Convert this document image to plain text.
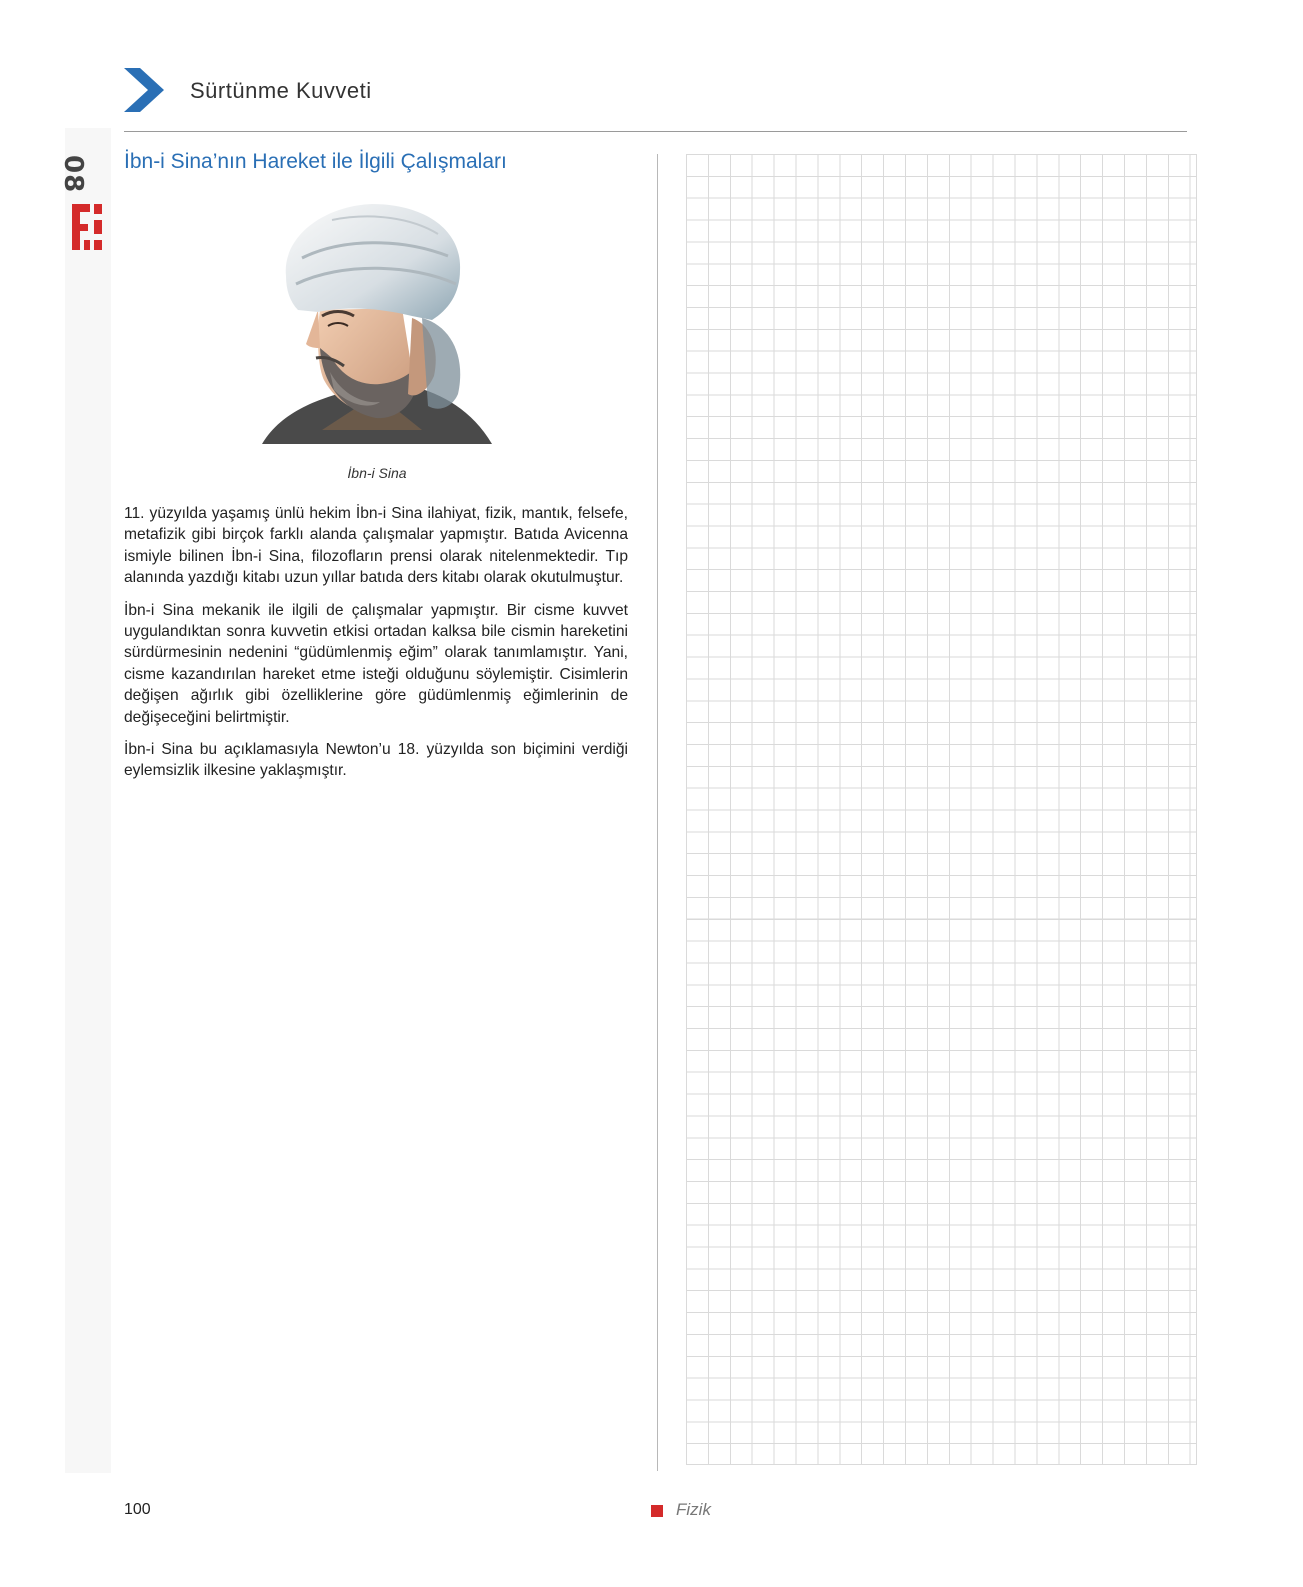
Sürtünme Kuvveti
08 İbn-i Sina’nın Hareket ile İlgili Çalışmaları
İbn-i Sina

11. yüzyılda yaşamış ünlü hekim İbn-i Sina ilahiyat, fizik, mantık, felsefe, metafizik gibi birçok farklı alanda çalışmalar yapmıştır. Batıda Avicenna ismiyle bilinen İbn-i Sina, filozofların prensi olarak nitelenmektedir. Tıp alanında yazdığı kitabı uzun yıllar batıda ders kitabı olarak okutulmuştur.

İbn-i Sina mekanik ile ilgili de çalışmalar yapmıştır. Bir cisme kuvvet uygulandıktan sonra kuvvetin etkisi ortadan kalksa bile cismin hareketini sürdürmesinin nedenini “güdümlenmiş eğim” olarak tanımlamıştır. Yani, cisme kazandırılan hareket etme isteği olduğunu söylemiştir. Cisimlerin değişen ağırlık gibi özelliklerine göre güdümlenmiş eğimlerinin de değişeceğini belirtmiştir.

İbn-i Sina bu açıklamasıyla Newton’u 18. yüzyılda son biçimini verdiği eylemsizlik ilkesine yaklaşmıştır.

100	Fizik
